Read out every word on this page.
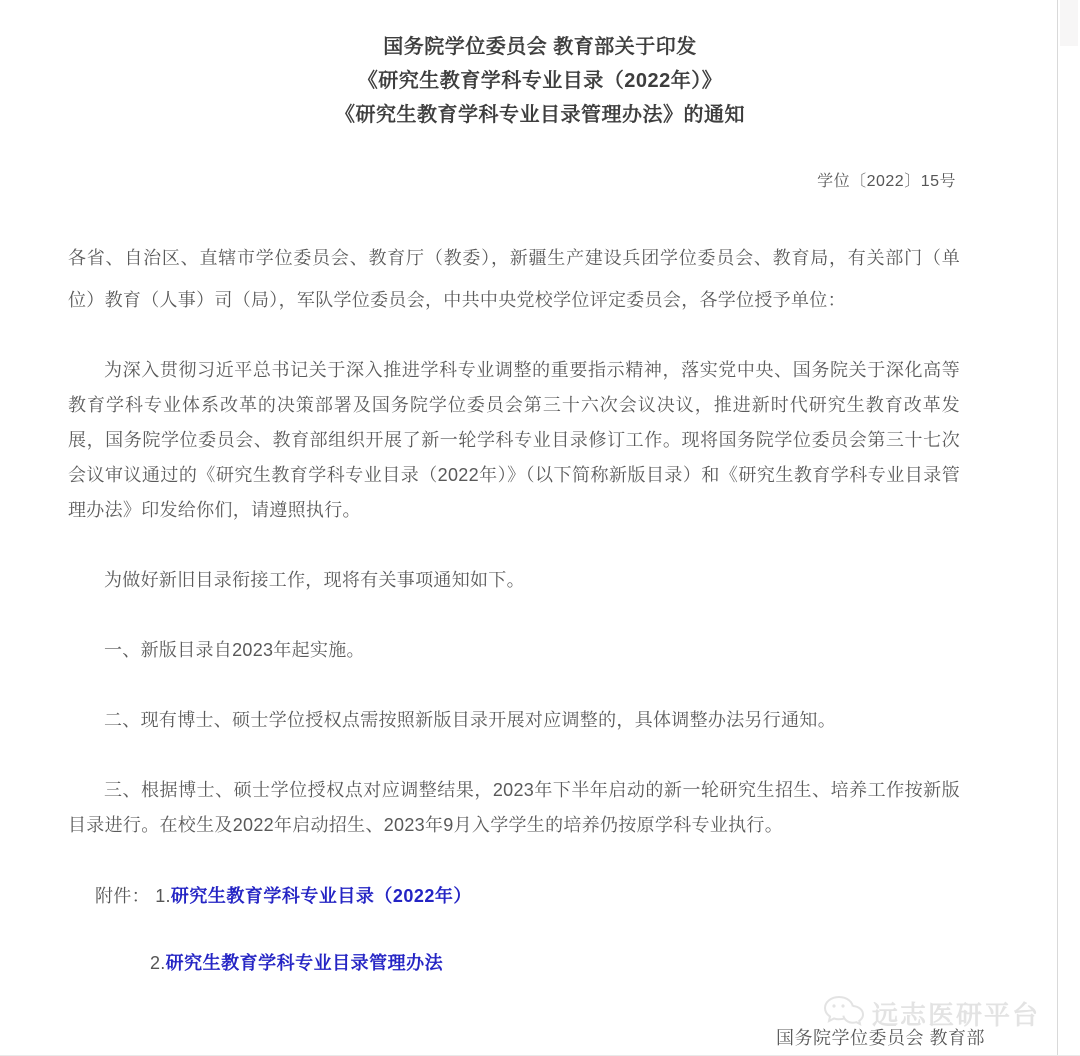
国务院学位委员会 教育部关于印发
《研究生教育学科专业目录（2022年）》
《研究生教育学科专业目录管理办法》的通知
学位〔2022〕15号

各省、自治区、直辖市学位委员会、教育厅（教委），新疆生产建设兵团学位委员会、教育局，有关部门（单位）教育（人事）司（局），军队学位委员会，中共中央党校学位评定委员会，各学位授予单位：

为深入贯彻习近平总书记关于深入推进学科专业调整的重要指示精神，落实党中央、国务院关于深化高等教育学科专业体系改革的决策部署及国务院学位委员会第三十六次会议决议，推进新时代研究生教育改革发展，国务院学位委员会、教育部组织开展了新一轮学科专业目录修订工作。现将国务院学位委员会第三十七次会议审议通过的《研究生教育学科专业目录（2022年）》（以下简称新版目录）和《研究生教育学科专业目录管理办法》印发给你们，请遵照执行。

为做好新旧目录衔接工作，现将有关事项通知如下。

一、新版目录自2023年起实施。

二、现有博士、硕士学位授权点需按照新版目录开展对应调整的，具体调整办法另行通知。

三、根据博士、硕士学位授权点对应调整结果，2023年下半年启动的新一轮研究生招生、培养工作按新版目录进行。在校生及2022年启动招生、2023年9月入学学生的培养仍按原学科专业执行。

附件： 1.研究生教育学科专业目录（2022年）
2.研究生教育学科专业目录管理办法
远志医研平台
国务院学位委员会 教育部
